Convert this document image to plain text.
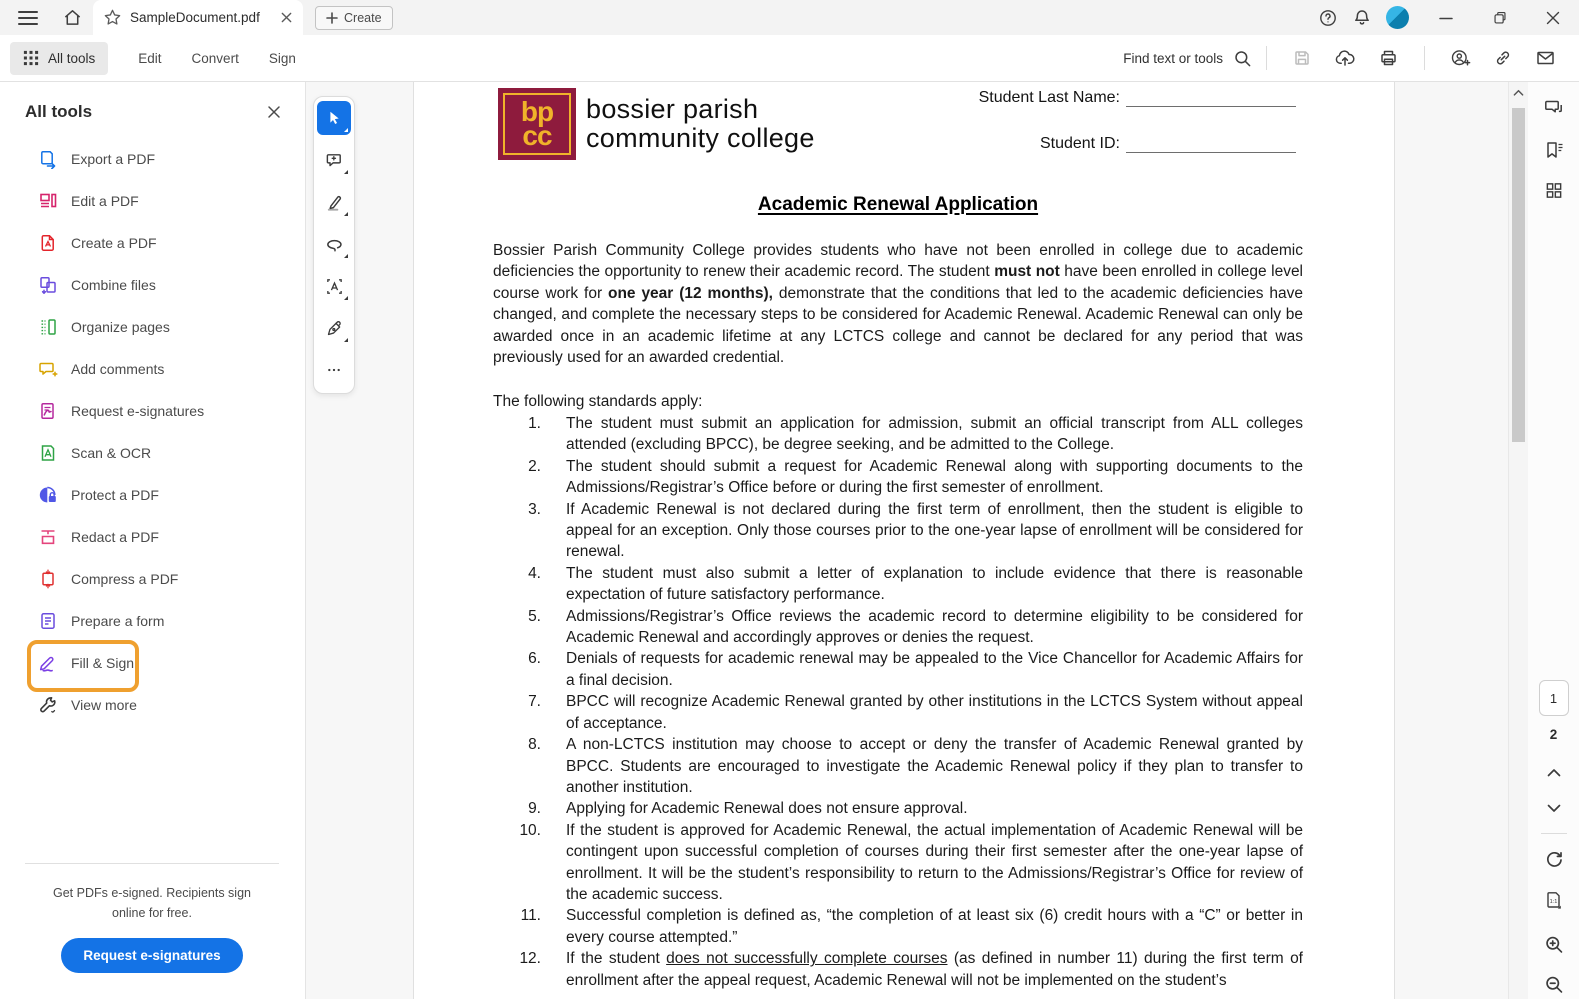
SampleDocument.pdf	Create
All tools	Edit Convert Sign	Find text or tools
All tools
Export a PDF
Edit a PDF
Create a PDF
Combine files
Organize pages
Add comments
Request e-signatures
Scan & OCR
Protect a PDF
Redact a PDF
Compress a PDF
Prepare a form
Fill & Sign
View more

Get PDFs e-signed. Recipients sign
online for free.

Request e-signatures
bp
cc
bossier parish
community college
Student Last Name:
Student ID:
Academic Renewal Application

Bossier Parish Community College provides students who have not been enrolled in college due to academic deficiencies the opportunity to renew their academic record. The student must not have been enrolled in college level course work for one year (12 months), demonstrate that the conditions that led to the academic deficiencies have changed, and complete the necessary steps to be considered for Academic Renewal. Academic Renewal can only be awarded once in an academic lifetime at any LCTCS college and cannot be declared for any period that was previously used for an awarded credential.

The following standards apply:
1. The student must submit an application for admission, submit an official transcript from ALL colleges attended (excluding BPCC), be degree seeking, and be admitted to the College.
2. The student should submit a request for Academic Renewal along with supporting documents to the Admissions/Registrar’s Office before or during the first semester of enrollment.
3. If Academic Renewal is not declared during the first term of enrollment, then the student is eligible to appeal for an exception. Only those courses prior to the one-year lapse of enrollment will be considered for renewal.
4. The student must also submit a letter of explanation to include evidence that there is reasonable expectation of future satisfactory performance.
5. Admissions/Registrar’s Office reviews the academic record to determine eligibility to be considered for Academic Renewal and accordingly approves or denies the request.
6. Denials of requests for academic renewal may be appealed to the Vice Chancellor for Academic Affairs for a final decision.
7. BPCC will recognize Academic Renewal granted by other institutions in the LCTCS System without appeal of acceptance.
8. A non-LCTCS institution may choose to accept or deny the transfer of Academic Renewal granted by BPCC. Students are encouraged to investigate the Academic Renewal policy if they plan to transfer to another institution.
9. Applying for Academic Renewal does not ensure approval.
10. If the student is approved for Academic Renewal, the actual implementation of Academic Renewal will be contingent upon successful completion of courses during their first semester after the one-year lapse of enrollment. It will be the student’s responsibility to return to the Admissions/Registrar’s Office for review of the academic success.
11. Successful completion is defined as, “the completion of at least six (6) credit hours with a “C” or better in every course attempted.”
12. If the student does not successfully complete courses (as defined in number 11) during the first term of enrollment after the appeal request, Academic Renewal will not be implemented on the student’s
1
2
1:1
